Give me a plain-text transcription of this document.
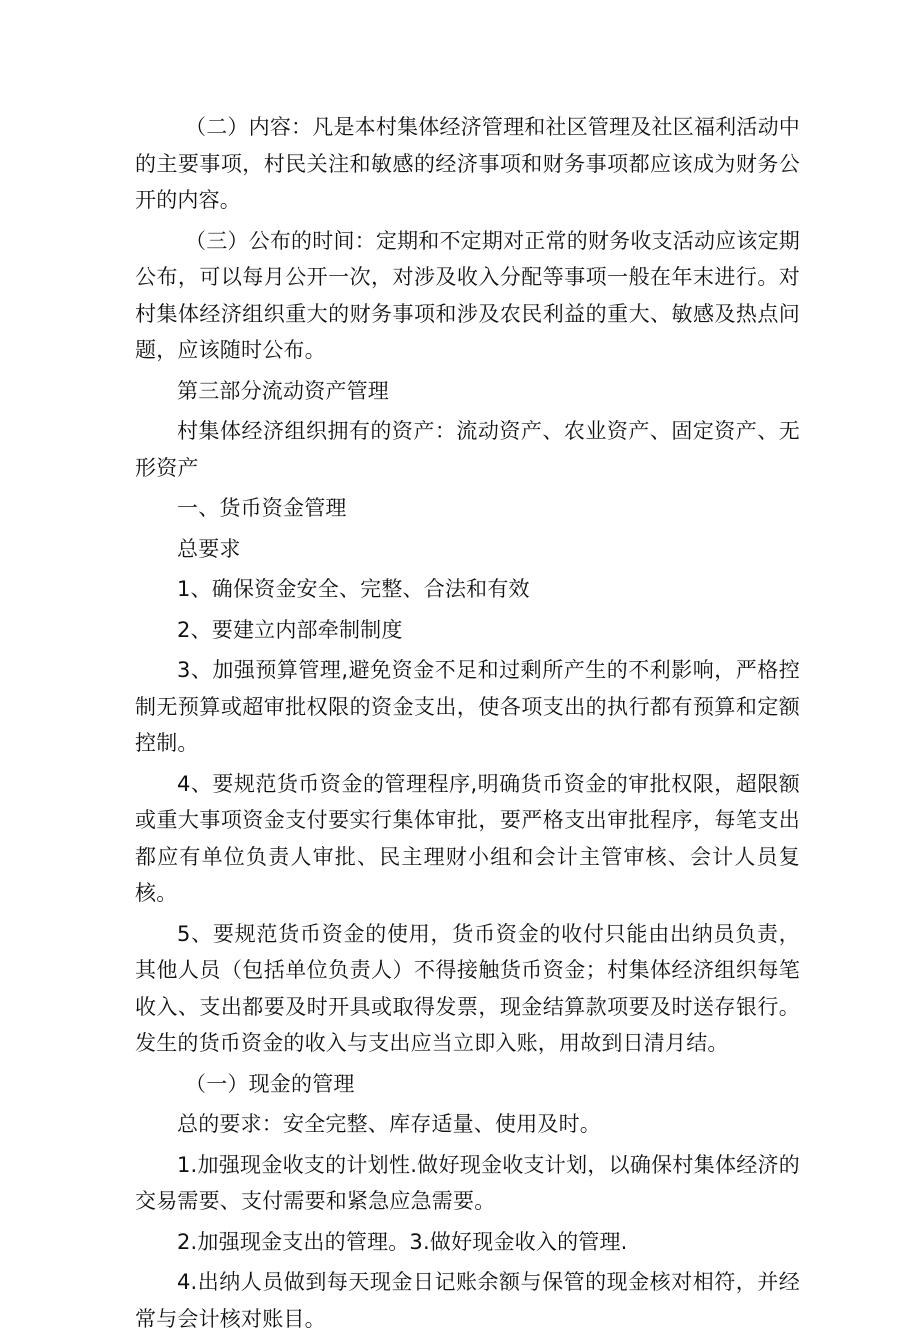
（二）内容：凡是本村集体经济管理和社区管理及社区福利活动中的主要事项，村民关注和敏感的经济事项和财务事项都应该成为财务公开的内容。

（三）公布的时间：定期和不定期对正常的财务收支活动应该定期公布，可以每月公开一次，对涉及收入分配等事项一般在年末进行。对村集体经济组织重大的财务事项和涉及农民利益的重大、敏感及热点问题，应该随时公布。

第三部分流动资产管理

村集体经济组织拥有的资产：流动资产、农业资产、固定资产、无形资产

一、货币资金管理

总要求

1、确保资金安全、完整、合法和有效

2、要建立内部牵制制度

3、加强预算管理,避免资金不足和过剩所产生的不利影响，严格控制无预算或超审批权限的资金支出，使各项支出的执行都有预算和定额控制。

4、要规范货币资金的管理程序,明确货币资金的审批权限，超限额或重大事项资金支付要实行集体审批，要严格支出审批程序，每笔支出都应有单位负责人审批、民主理财小组和会计主管审核、会计人员复核。

5、要规范货币资金的使用，货币资金的收付只能由出纳员负责，其他人员（包括单位负责人）不得接触货币资金；村集体经济组织每笔收入、支出都要及时开具或取得发票，现金结算款项要及时送存银行。发生的货币资金的收入与支出应当立即入账，用故到日清月结。

（一）现金的管理

总的要求：安全完整、库存适量、使用及时。

1.加强现金收支的计划性.做好现金收支计划，以确保村集体经济的交易需要、支付需要和紧急应急需要。

2.加强现金支出的管理。3.做好现金收入的管理.

4.出纳人员做到每天现金日记账余额与保管的现金核对相符，并经常与会计核对账目。
